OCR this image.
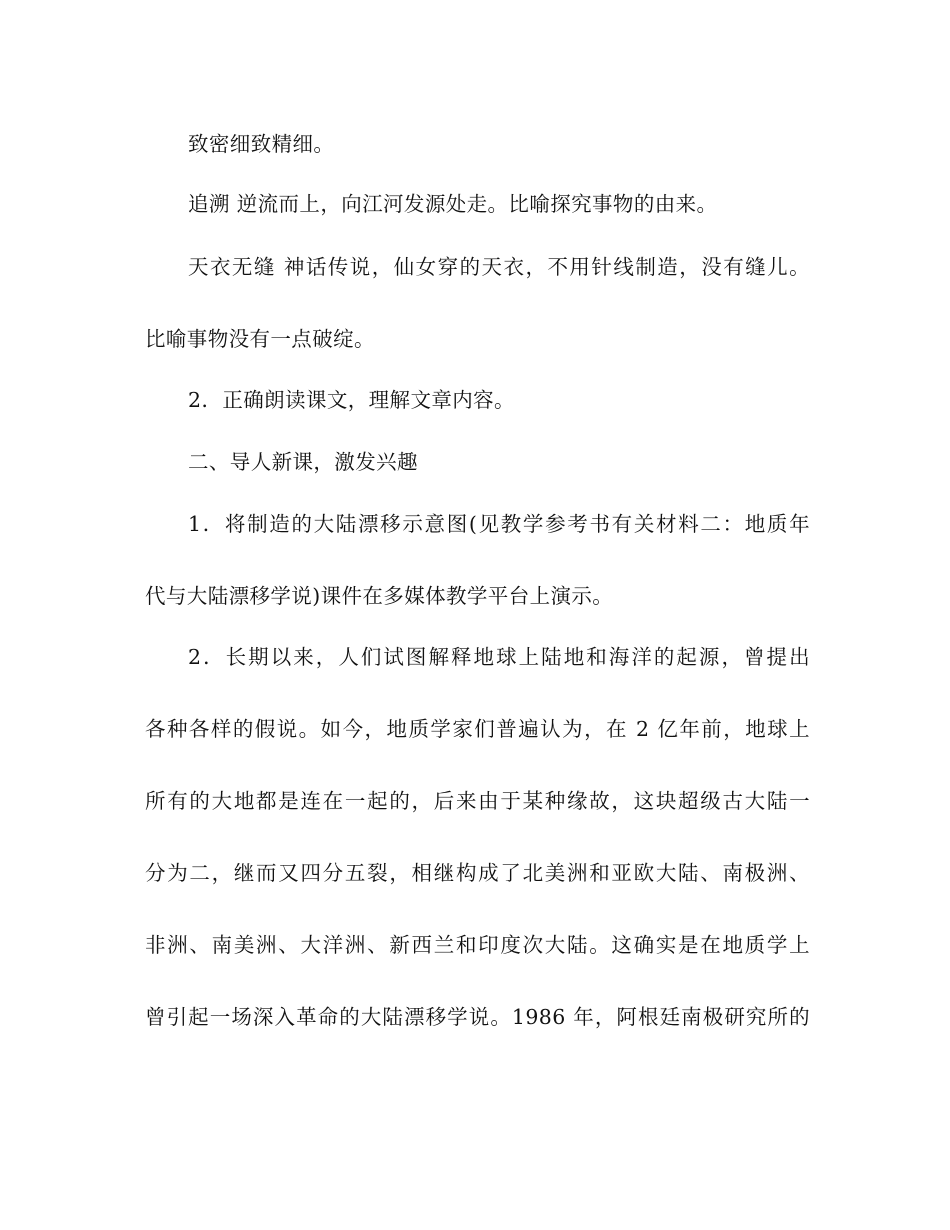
致密细致精细。
追溯 逆流而上，向江河发源处走。比喻探究事物的由来。
天衣无缝 神话传说，仙女穿的天衣，不用针线制造，没有缝儿。
比喻事物没有一点破绽。
2．正确朗读课文，理解文章内容。
二、导人新课，激发兴趣
1．将制造的大陆漂移示意图(见教学参考书有关材料二：地质年
代与大陆漂移学说)课件在多媒体教学平台上演示。
2．长期以来，人们试图解释地球上陆地和海洋的起源，曾提出
各种各样的假说。如今，地质学家们普遍认为，在 2 亿年前，地球上
所有的大地都是连在一起的，后来由于某种缘故，这块超级古大陆一
分为二，继而又四分五裂，相继构成了北美洲和亚欧大陆、南极洲、
非洲、南美洲、大洋洲、新西兰和印度次大陆。这确实是在地质学上
曾引起一场深入革命的大陆漂移学说。1986 年，阿根廷南极研究所的
